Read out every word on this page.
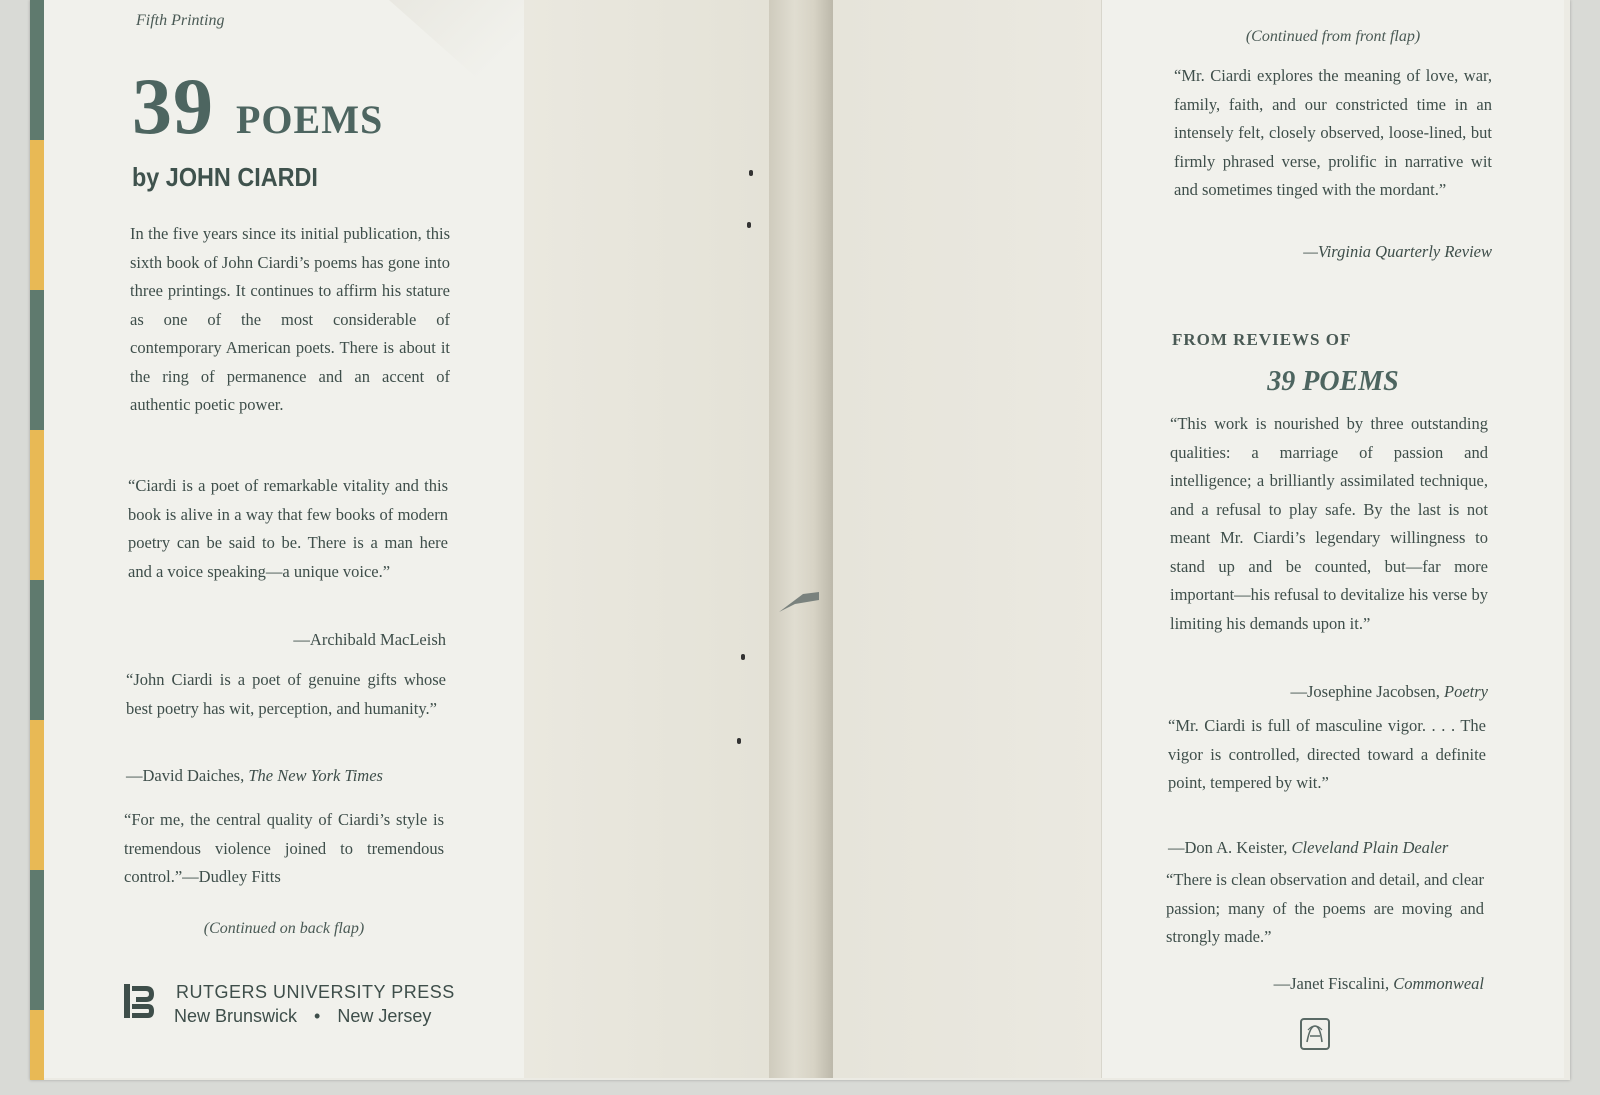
Fifth Printing
39 POEMS
by JOHN CIARDI
In the five years since its initial publication, this sixth book of John Ciardi’s poems has gone into three printings. It continues to affirm his stature as one of the most considerable of contemporary American poets. There is about it the ring of permanence and an accent of authentic poetic power.
“Ciardi is a poet of remarkable vitality and this book is alive in a way that few books of modern poetry can be said to be. There is a man here and a voice speaking—a unique voice.”
—Archibald MacLeish
“John Ciardi is a poet of genuine gifts whose best poetry has wit, perception, and humanity.”
—David Daiches, The New York Times
“For me, the central quality of Ciardi’s style is tremendous violence joined to tremendous control.”—Dudley Fitts
(Continued on back flap)
RUTGERS UNIVERSITY PRESS
New Brunswick • New Jersey
(Continued from front flap)
“Mr. Ciardi explores the meaning of love, war, family, faith, and our constricted time in an intensely felt, closely observed, loose-lined, but firmly phrased verse, prolific in narrative wit and sometimes tinged with the mordant.”
—Virginia Quarterly Review
FROM REVIEWS OF
39 POEMS
“This work is nourished by three outstanding qualities: a marriage of passion and intelligence; a brilliantly assimilated technique, and a refusal to play safe. By the last is not meant Mr. Ciardi’s legendary willingness to stand up and be counted, but—far more important—his refusal to devitalize his verse by limiting his demands upon it.”
—Josephine Jacobsen, Poetry
“Mr. Ciardi is full of masculine vigor. . . . The vigor is controlled, directed toward a definite point, tempered by wit.”
—Don A. Keister, Cleveland Plain Dealer
“There is clean observation and detail, and clear passion; many of the poems are moving and strongly made.”
—Janet Fiscalini, Commonweal
